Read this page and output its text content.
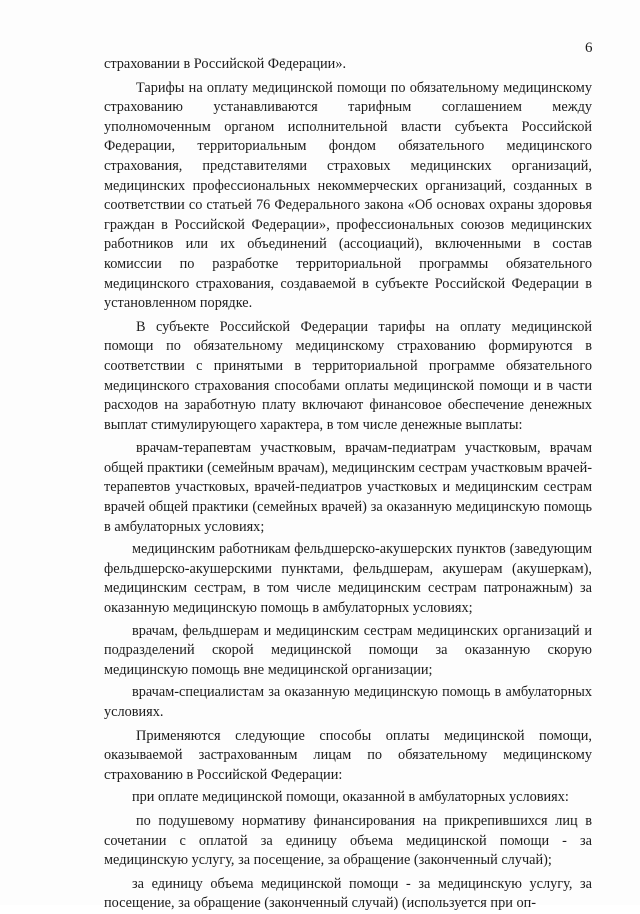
6

страховании в Российской Федерации».

Тарифы на оплату медицинской помощи по обязательному медицинскому страхованию устанавливаются тарифным соглашением между уполномоченным органом исполнительной власти субъекта Российской Федерации, территориальным фондом обязательного медицинского страхования, представителями страховых медицинских организаций, медицинских профессиональных некоммерческих организаций, созданных в соответствии со статьей 76 Федерального закона «Об основах охраны здоровья граждан в Российской Федерации», профессиональных союзов медицинских работников или их объединений (ассоциаций), включенными в состав комиссии по разработке территориальной программы обязательного медицинского страхования, создаваемой в субъекте Российской Федерации в установленном порядке.

В субъекте Российской Федерации тарифы на оплату медицинской помощи по обязательному медицинскому страхованию формируются в соответствии с принятыми в территориальной программе обязательного медицинского страхования способами оплаты медицинской помощи и в части расходов на заработную плату включают финансовое обеспечение денежных выплат стимулирующего характера, в том числе денежные выплаты:

врачам-терапевтам участковым, врачам-педиатрам участковым, врачам общей практики (семейным врачам), медицинским сестрам участковым врачей-терапевтов участковых, врачей-педиатров участковых и медицинским сестрам врачей общей практики (семейных врачей) за оказанную медицинскую помощь в амбулаторных условиях;

медицинским работникам фельдшерско-акушерских пунктов (заведующим фельдшерско-акушерскими пунктами, фельдшерам, акушерам (акушеркам), медицинским сестрам, в том числе медицинским сестрам патронажным) за оказанную медицинскую помощь в амбулаторных условиях;

врачам, фельдшерам и медицинским сестрам медицинских организаций и подразделений скорой медицинской помощи за оказанную скорую медицинскую помощь вне медицинской организации;

врачам-специалистам за оказанную медицинскую помощь в амбулаторных условиях.

Применяются следующие способы оплаты медицинской помощи, оказываемой застрахованным лицам по обязательному медицинскому страхованию в Российской Федерации:

при оплате медицинской помощи, оказанной в амбулаторных условиях:

по подушевому нормативу финансирования на прикрепившихся лиц в сочетании с оплатой за единицу объема медицинской помощи - за медицинскую услугу, за посещение, за обращение (законченный случай);

за единицу объема медицинской помощи - за медицинскую услугу, за посещение, за обращение (законченный случай) (используется при оп-
